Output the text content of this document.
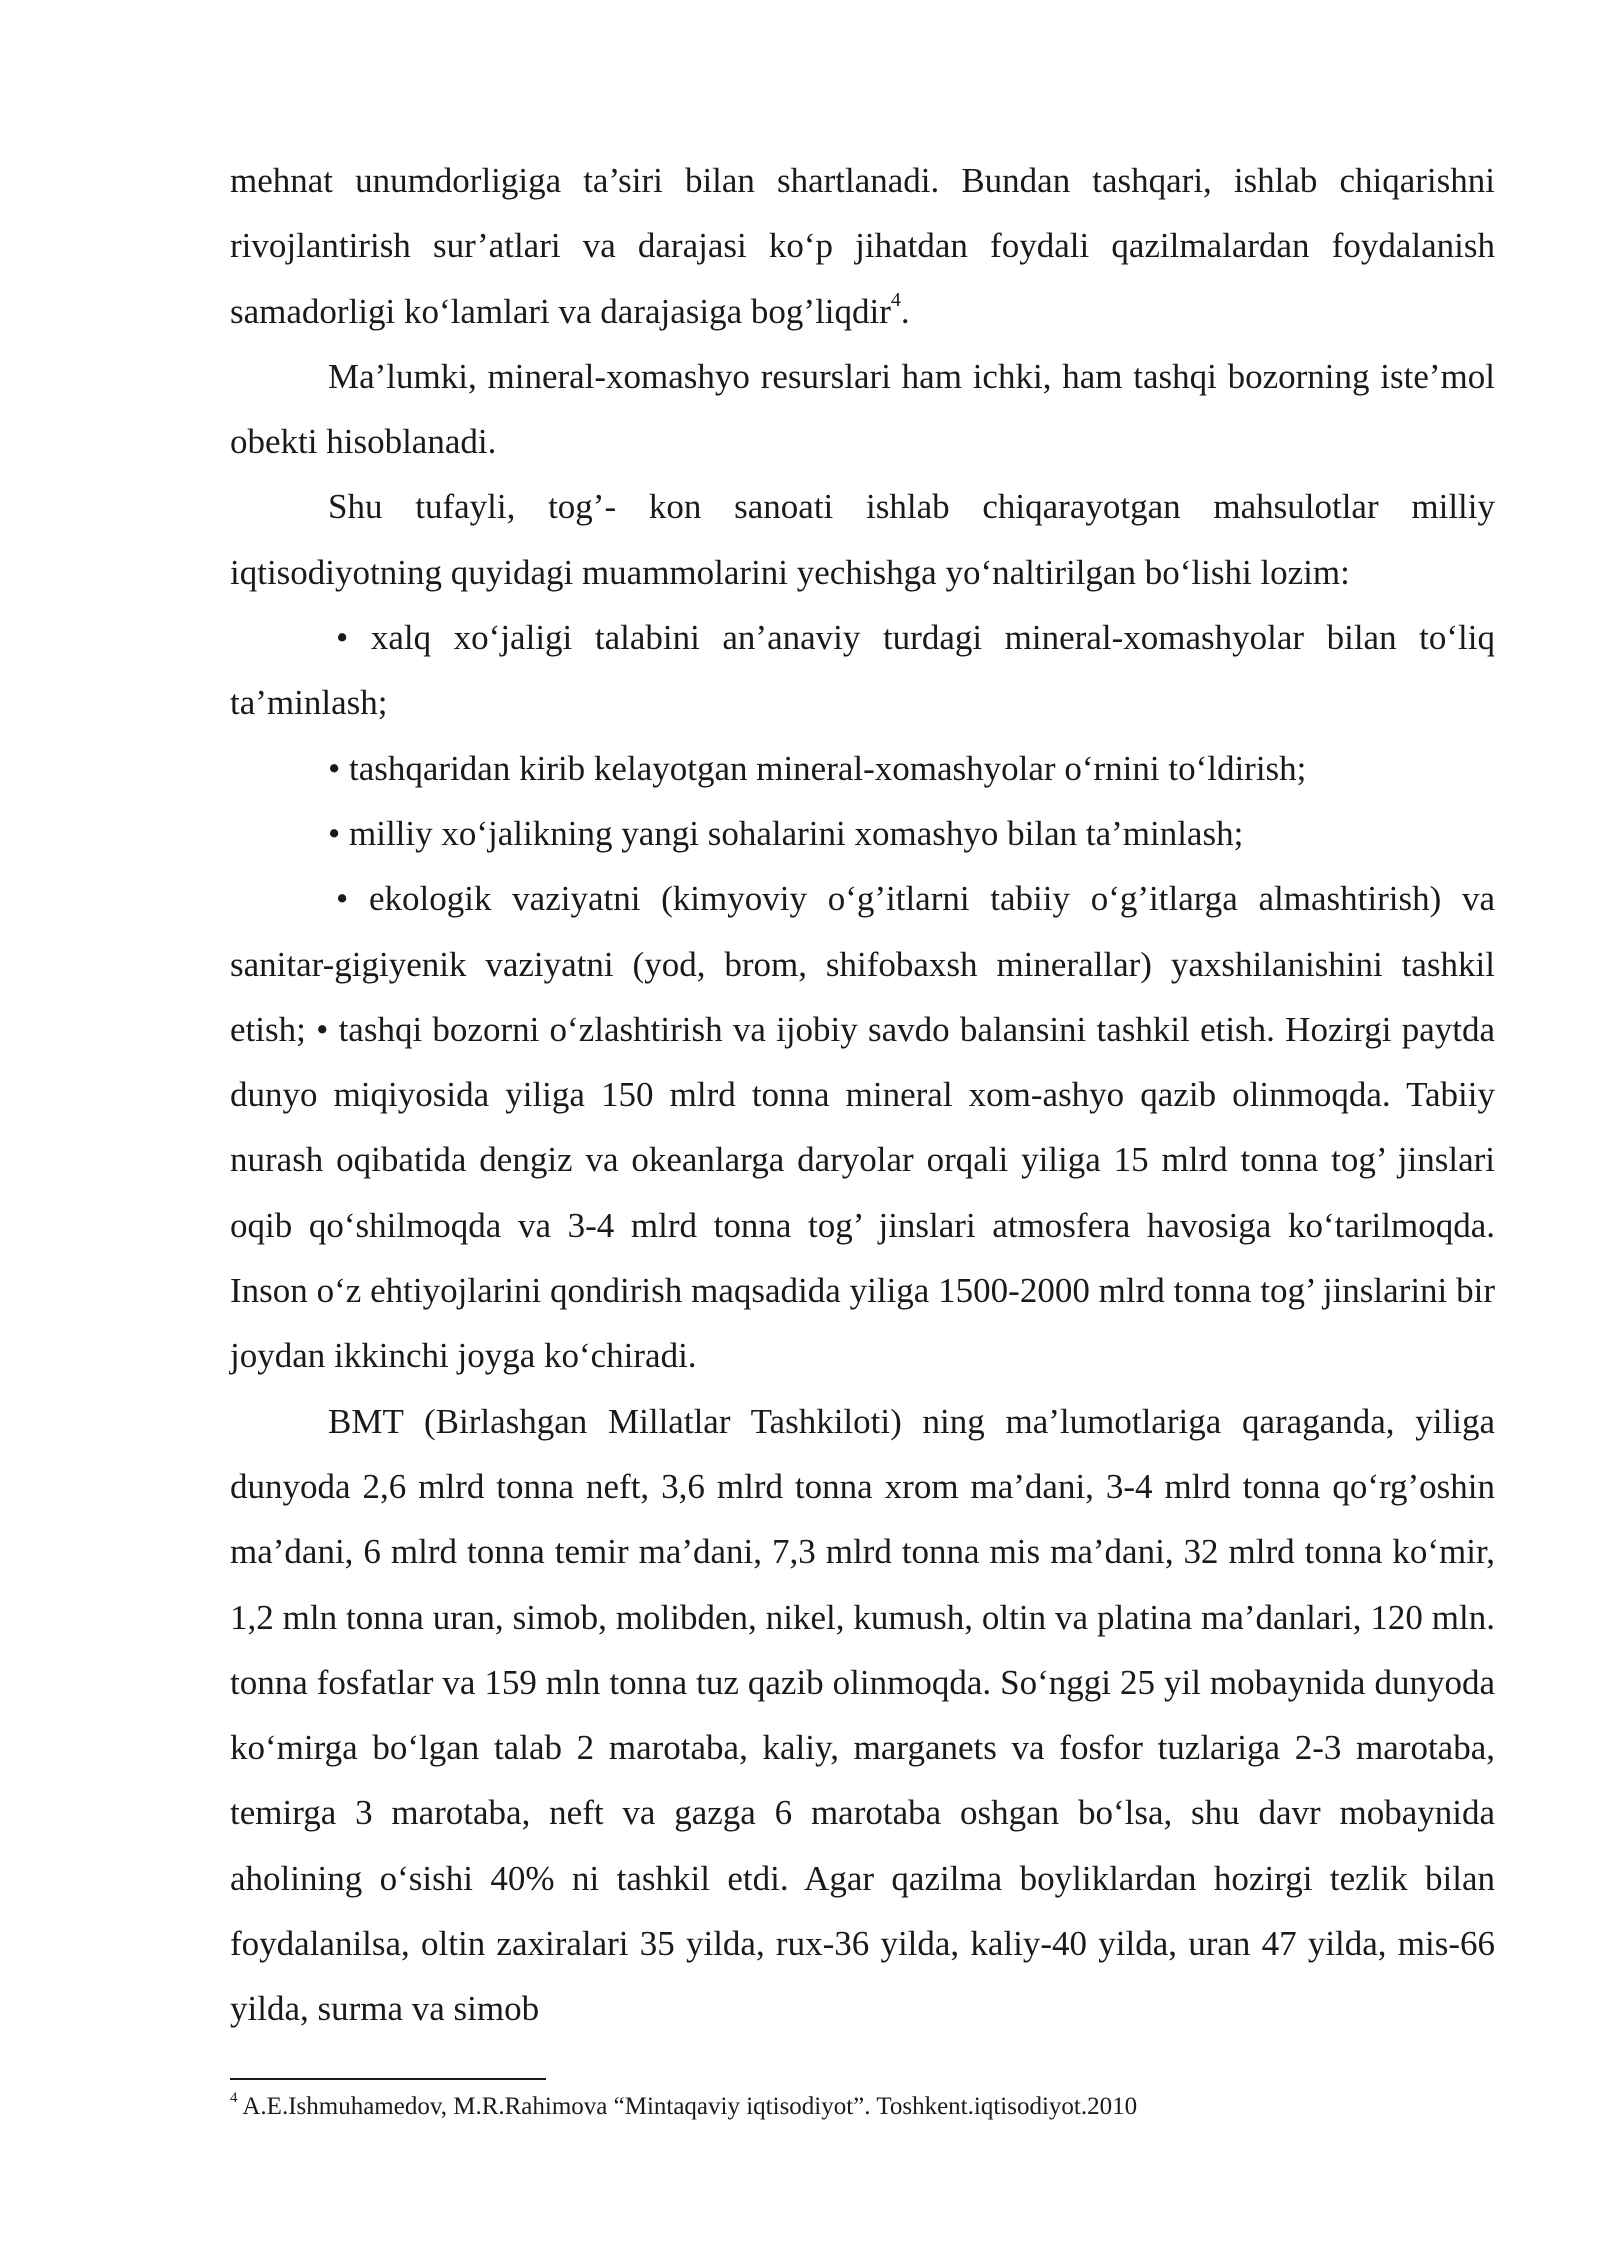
mehnat unumdorligiga ta’siri bilan shartlanadi. Bundan tashqari, ishlab chiqarishni rivojlantirish sur’atlari va darajasi koʻp jihatdan foydali qazilmalardan foydalanish samadorligi koʻlamlari va darajasiga bog’liqdir$^4$.

Ma’lumki, mineral-xomashyo resurslari ham ichki, ham tashqi bozorning iste’mol obekti hisoblanadi.

Shu tufayli, tog’- kon sanoati ishlab chiqarayotgan mahsulotlar milliy iqtisodiyotning quyidagi muammolarini yechishga yoʻnaltirilgan boʻlishi lozim:

• xalq xoʻjaligi talabini an’anaviy turdagi mineral-xomashyolar bilan toʻliq ta’minlash;

• tashqaridan kirib kelayotgan mineral-xomashyolar oʻrnini toʻldirish;

• milliy xoʻjalikning yangi sohalarini xomashyo bilan ta’minlash;

• ekologik vaziyatni (kimyoviy oʻg’itlarni tabiiy oʻg’itlarga almashtirish) va sanitar-gigiyenik vaziyatni (yod, brom, shifobaxsh minerallar) yaxshilanishini tashkil etish; • tashqi bozorni oʻzlashtirish va ijobiy savdo balansini tashkil etish. Hozirgi paytda dunyo miqiyosida yiliga 150 mlrd tonna mineral xom-ashyo qazib olinmoqda. Tabiiy nurash oqibatida dengiz va okeanlarga daryolar orqali yiliga 15 mlrd tonna tog’ jinslari oqib qoʻshilmoqda va 3-4 mlrd tonna tog’ jinslari atmosfera havosiga koʻtarilmoqda. Inson oʻz ehtiyojlarini qondirish maqsadida yiliga 1500-2000 mlrd tonna tog’ jinslarini bir joydan ikkinchi joyga koʻchiradi.

BMT (Birlashgan Millatlar Tashkiloti) ning ma’lumotlariga qaraganda, yiliga dunyoda 2,6 mlrd tonna neft, 3,6 mlrd tonna xrom ma’dani, 3-4 mlrd tonna qoʻrg’oshin ma’dani, 6 mlrd tonna temir ma’dani, 7,3 mlrd tonna mis ma’dani, 32 mlrd tonna koʻmir, 1,2 mln tonna uran, simob, molibden, nikel, kumush, oltin va platina ma’danlari, 120 mln. tonna fosfatlar va 159 mln tonna tuz qazib olinmoqda. Soʻnggi 25 yil mobaynida dunyoda koʻmirga boʻlgan talab 2 marotaba, kaliy, marganets va fosfor tuzlariga 2-3 marotaba, temirga 3 marotaba, neft va gazga 6 marotaba oshgan boʻlsa, shu davr mobaynida aholining oʻsishi 40% ni tashkil etdi. Agar qazilma boyliklardan hozirgi tezlik bilan foydalanilsa, oltin zaxiralari 35 yilda, rux-36 yilda, kaliy-40 yilda, uran 47 yilda, mis-66 yilda, surma va simob

$^4$ A.E.Ishmuhamedov, M.R.Rahimova “Mintaqaviy iqtisodiyot”. Toshkent.iqtisodiyot.2010
